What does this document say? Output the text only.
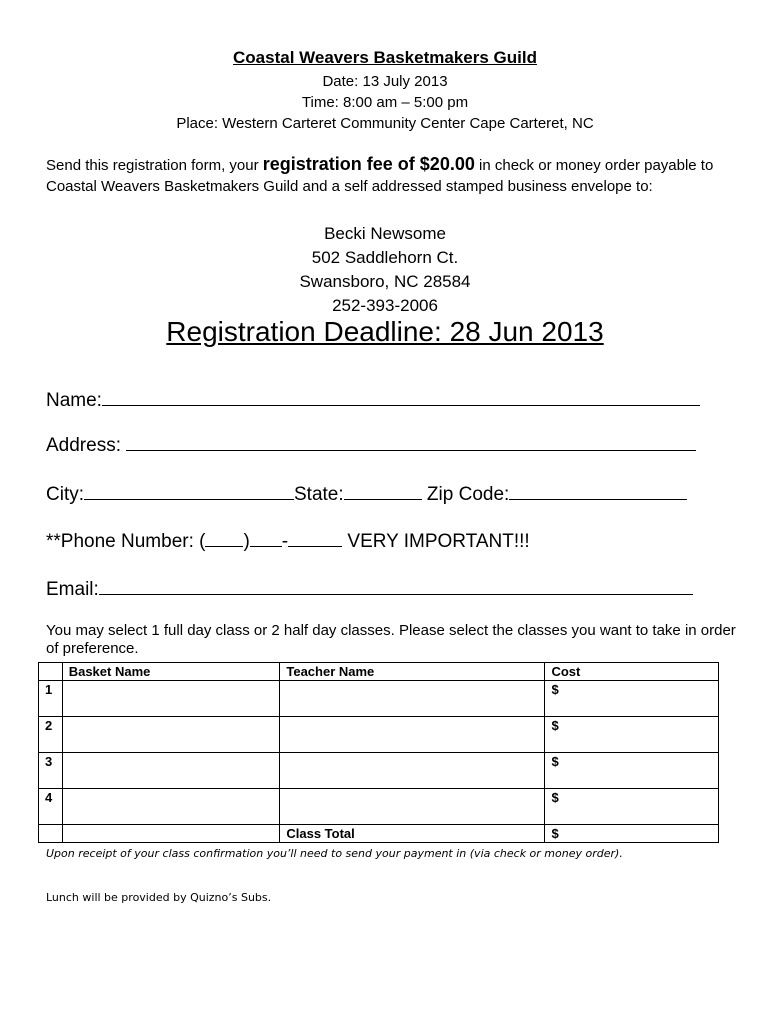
Coastal Weavers Basketmakers Guild
Date: 13 July 2013
Time: 8:00 am – 5:00 pm
Place: Western Carteret Community Center Cape Carteret, NC
Send this registration form, your registration fee of $20.00 in check or money order payable to Coastal Weavers Basketmakers Guild and a self addressed stamped business envelope to:
Becki Newsome
502 Saddlehorn Ct.
Swansboro, NC 28584
252-393-2006
Registration Deadline: 28 Jun 2013
Name:
Address:
City:	State:	Zip Code:
**Phone Number: ( ) -	VERY IMPORTANT!!!
Email:
You may select 1 full day class or 2 half day classes. Please select the classes you want to take in order of preference.
	Basket Name	Teacher Name	Cost
1			$
2			$
3			$
4			$
		Class Total	$
Upon receipt of your class confirmation you’ll need to send your payment in (via check or money order).
Lunch will be provided by Quizno’s Subs.
